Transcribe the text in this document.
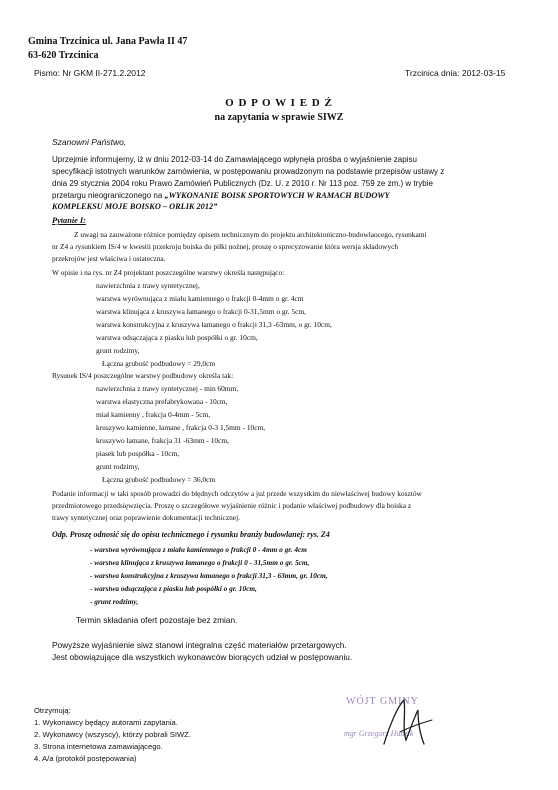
Gmina Trzcinica ul. Jana Pawła II 47
63-620 Trzcinica
Pismo: Nr GKM II-271.2.2012	Trzcinica dnia: 2012-03-15
O D P O W I E D Ź
na zapytania w sprawie SIWZ
Szanowni Państwo,
Uprzejmie informujemy, iż w dniu 2012-03-14 do Zamawiającego wpłynęła prośba o wyjaśnienie zapisu
specyfikacji istotnych warunków zamówienia, w postępowaniu prowadzonym na podstawie przepisów ustawy z
dnia 29 stycznia 2004 roku Prawo Zamówień Publicznych (Dz. U. z 2010 r. Nr 113 poz. 759 ze zm.) w trybie
przetargu nieograniczonego na „WYKONANIE BOISK SPORTOWYCH W RAMACH BUDOWY
KOMPLEKSU MOJE BOISKO – ORLIK 2012”
Pytanie I:
Z uwagi na zauważone różnice pomiędzy opisem technicznym do projektu architektoniczno-budowlaocego, rysunkami
nr Z4 a rysunkiem IS/4 w kwestii przekroju boiska do piłki nożnej, proszę o sprecyzowanie która wersja składowych
przekrojów jest właściwa i ostateczna.
W opisie i na rys. nr Z4 projektant poszczególne warstwy określa następująco:
nawierzchnia z trawy syntetycznej,
warstwa wyrównująca z miału kamiennego o frakcji 0-4mm o gr. 4cm
warstwa klinująca z kruszywa łamanego o frakcji 0-31,5mm o gr. 5cm,
warstwa konstrukcyjna z kruszywa łamanego o frakcji 31,3 -63mm, o gr. 10cm,
warstwa odsączająca z piasku lub pospółki o gr. 10cm,
grunt rodzimy,
Łączna grubość podbudowy = 29,0cm
Rysunek IS/4 poszczególne warstwy podbudowy określa tak:
nawierzchnia z trawy syntetycznej - min 60mm,
warstwa elastyczna prefabrykowana - 10cm,
miał kamienny , frakcja 0-4mm - 5cm,
kruszywo kamienne, łamane , frakcja 0-3 1,5mm - 10cm,
kruszywo łamane, frakcja 31 -63mm - 10cm,
piasek lub pospółka - 10cm,
grunt rodzimy,
Łączna grubość podbudowy = 36,0cm
Podanie informacji w taki sposób prowadzi do błędnych odczytów a już przede wszystkim do niewłaściwej budowy kosztów
przedmiotowego przedsięwzięcia. Proszę o szczegółowe wyjaśnienie różnic i podanie właściwej podbudowy dla boiska z
trawy syntetycznej oraz poprawienie dokumentacji technicznej.
Odp. Proszę odnosić się do opisu technicznego i rysunku branży budowlanej: rys. Z4
- warstwa wyrównująca z miału kamiennego o frakcji 0 - 4mm o gr. 4cm
- warstwa klinująca z kruszywa łamanego o frakcji 0 - 31,5mm o gr. 5cm,
- warstwa konstrukcyjna z kruszywa łamanego o frakcji 31,3 - 63mm, gr. 10cm,
- warstwa odsączająca z piasku lub pospółki o gr. 10cm,
- grunt rodzimy,
Termin składania ofert pozostaje bez zmian.
Powyższe wyjaśnienie siwz stanowi integralna część materiałów przetargowych.
Jest obowiązujące dla wszystkich wykonawców biorących udział w postępowaniu.
Otrzymują:
1. Wykonawcy będący autorami zapytania.
2. Wykonawcy (wszyscy), którzy pobrali SIWZ.
3. Strona internetowa zamawiającego.
4. A/a (protokół postępowania)
WÓJT GMINY
mgr Grzegorz Hudzik
